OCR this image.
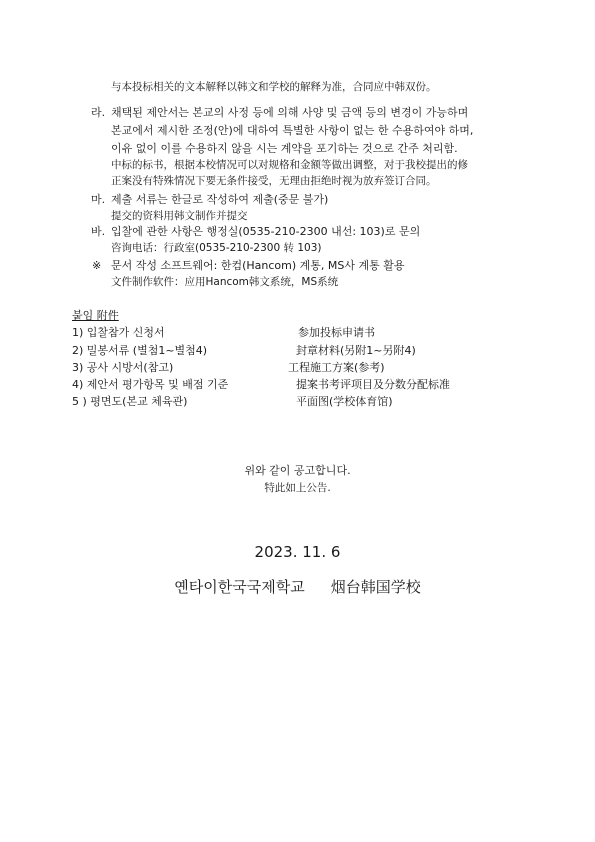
与本投标相关的文本解释以韩文和学校的解释为准，合同应中韩双份。
라. 채택된 제안서는 본교의 사정 등에 의해 사양 및 금액 등의 변경이 가능하며
본교에서 제시한 조정(안)에 대하여 특별한 사항이 없는 한 수용하여야 하며,
이유 없이 이를 수용하지 않을 시는 계약을 포기하는 것으로 간주 처리함.
中标的标书，根据本校情况可以对规格和金额等做出调整，对于我校提出的修
正案没有特殊情况下要无条件接受，无理由拒绝时视为放弃签订合同。
마. 제출 서류는 한글로 작성하여 제출(중문 불가)
提交的资料用韩文制作并提交
바. 입찰에 관한 사항은 행정실(0535-210-2300 내선: 103)로 문의
咨询电话：行政室(0535-210-2300 转 103)
※ 문서 작성 소프트웨어: 한컴(Hancom) 계통, MS사 계통 활용
文件制作软件：应用Hancom韩文系统，MS系统
붙임 附件
1) 입찰참가 신청서	参加投标申请书
2) 밀봉서류 (별첨1~별첨4)	封章材料(另附1~另附4)
3) 공사 시방서(참고)	工程施工方案(参考)
4) 제안서 평가항목 및 배점 기준	提案书考评项目及分数分配标准
5 ) 평면도(본교 체육관)	平面图(学校体育馆)
위와 같이 공고합니다.
特此如上公告.
2023. 11. 6
옌타이한국국제학교 烟台韩国学校
